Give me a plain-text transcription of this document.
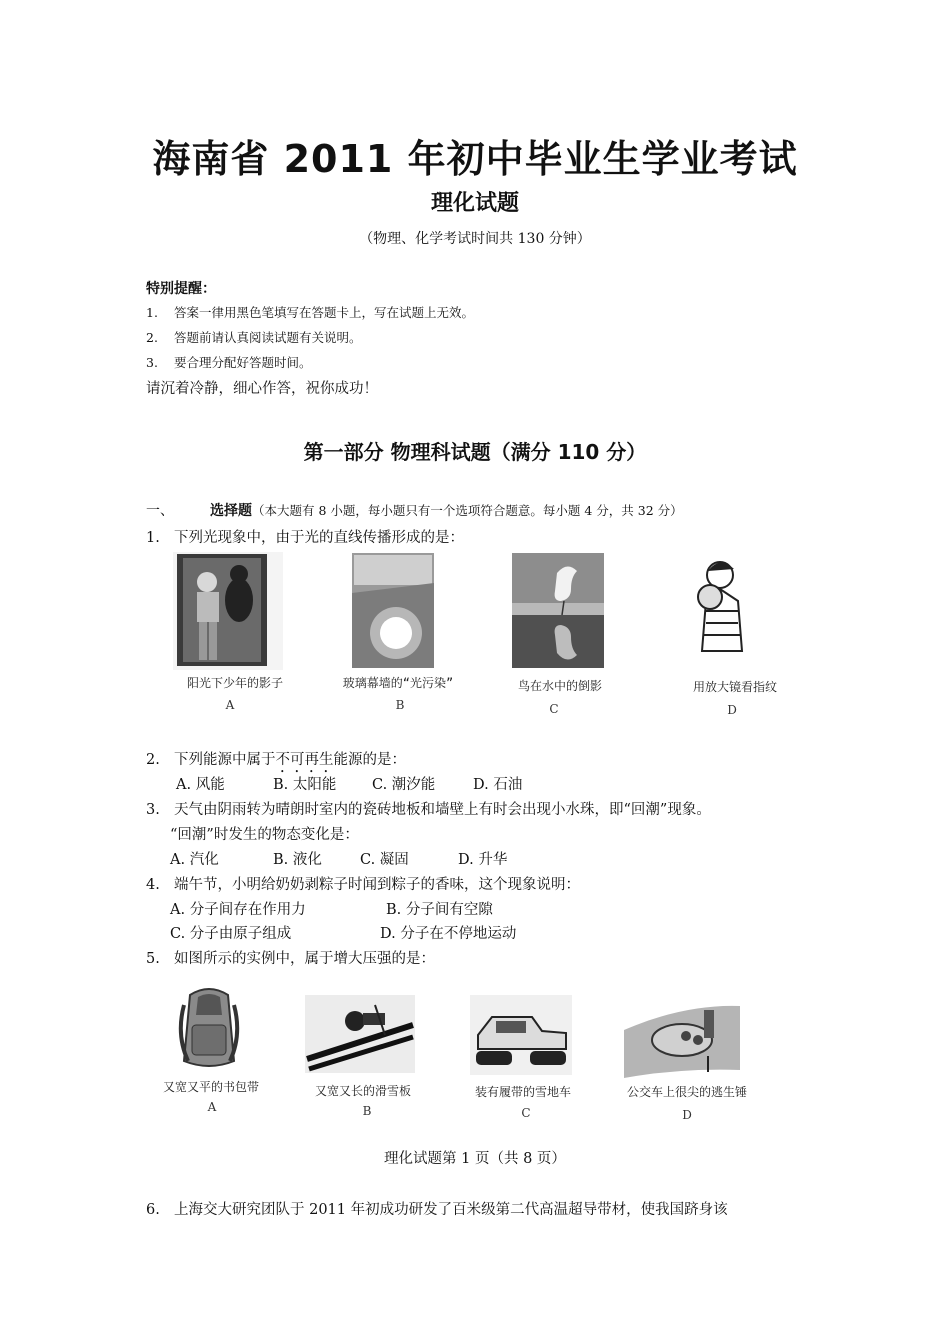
海南省 2011 年初中毕业生学业考试
理化试题
（物理、化学考试时间共 130 分钟）
特别提醒：
1. 答案一律用黑色笔填写在答题卡上，写在试题上无效。
2. 答题前请认真阅读试题有关说明。
3. 要合理分配好答题时间。
请沉着冷静，细心作答，祝你成功！
第一部分 物理科试题（满分 110 分）
一、	选择题（本大题有 8 小题，每小题只有一个选项符合题意。每小题 4 分，共 32 分）
1. 下列光现象中，由于光的直线传播形成的是：
阳光下少年的影子	玻璃幕墙的“光污染”	鸟在水中的倒影	用放大镜看指纹
A	B	C	D
2. 下列能源中属于不可再生能源的是：
A. 风能	B. 太阳能 C. 潮汐能	D. 石油
3. 天气由阴雨转为晴朗时室内的瓷砖地板和墙壁上有时会出现小水珠，即“回潮”现象。
“回潮”时发生的物态变化是：
A. 汽化	B. 液化	C. 凝固	D. 升华
4. 端午节，小明给奶奶剥粽子时闻到粽子的香味，这个现象说明：
A. 分子间存在作用力	B. 分子间有空隙
C. 分子由原子组成	D. 分子在不停地运动
5. 如图所示的实例中，属于增大压强的是：
又宽又平的书包带	又宽又长的滑雪板	装有履带的雪地车	公交车上很尖的逃生锤
A	B	C	D
理化试题第 1 页（共 8 页）
6. 上海交大研究团队于 2011 年初成功研发了百米级第二代高温超导带材，使我国跻身该
